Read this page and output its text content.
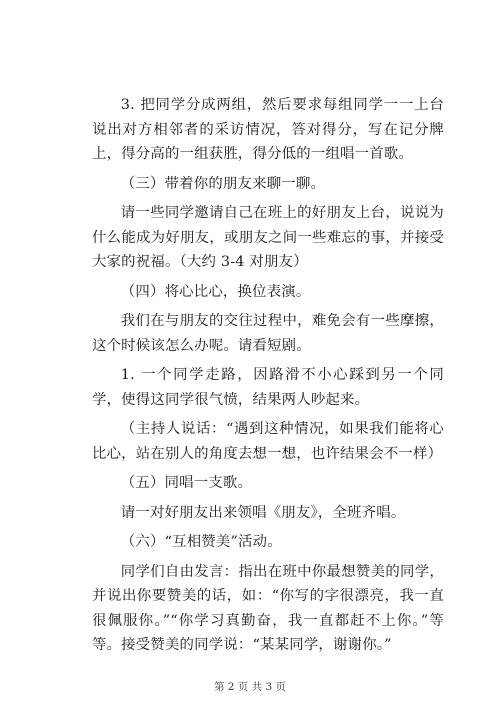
3. 把同学分成两组，然后要求每组同学一一上台说出对方相邻者的采访情况，答对得分，写在记分牌上，得分高的一组获胜，得分低的一组唱一首歌。

（三）带着你的朋友来聊一聊。

请一些同学邀请自己在班上的好朋友上台，说说为什么能成为好朋友，或朋友之间一些难忘的事，并接受大家的祝福。（大约 3-4 对朋友）

（四）将心比心，换位表演。

我们在与朋友的交往过程中，难免会有一些摩擦，这个时候该怎么办呢。请看短剧。

1. 一个同学走路，因路滑不小心踩到另一个同学，使得这同学很气愤，结果两人吵起来。

（主持人说话：“遇到这种情况，如果我们能将心比心，站在别人的角度去想一想，也许结果会不一样）

（五）同唱一支歌。

请一对好朋友出来领唱《朋友》，全班齐唱。

（六）“互相赞美”活动。

同学们自由发言：指出在班中你最想赞美的同学，并说出你要赞美的话，如：“你写的字很漂亮，我一直很佩服你。”“你学习真勤奋，我一直都赶不上你。”等等。接受赞美的同学说：“某某同学，谢谢你。”

第 2 页 共 3 页
